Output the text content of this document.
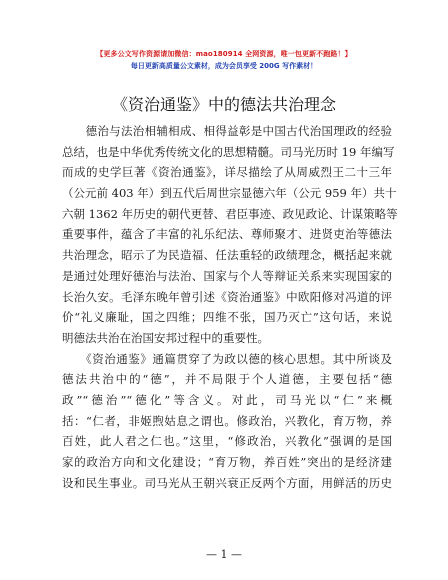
【更多公文写作资源请加微信：mao180914 全网资源，唯一包更新不跑路！】
每日更新高质量公文素材，成为会员享受 200G 写作素材！
《资治通鉴》中的德法共治理念
　　德治与法治相辅相成、相得益彰是中国古代治国理政的经验
总结，也是中华优秀传统文化的思想精髓。司马光历时 19 年编写
而成的史学巨著《资治通鉴》，详尽描绘了从周威烈王二十三年
（公元前 403 年）到五代后周世宗显德六年（公元 959 年）共十
六朝 1362 年历史的朝代更替、君臣事迹、政见政论、计谋策略等
重要事件，蕴含了丰富的礼乐纪法、尊师聚才、进贤吏治等德法
共治理念，昭示了为民造福、任法重轻的政绩理念，概括起来就
是通过处理好德治与法治、国家与个人等辩证关系来实现国家的
长治久安。毛泽东晚年曾引述《资治通鉴》中欧阳修对冯道的评
价“礼义廉耻，国之四维；四维不张，国乃灭亡”这句话，来说
明德法共治在治国安邦过程中的重要性。
　　《资治通鉴》通篇贯穿了为政以德的核心思想。其中所谈及
德法共治中的“德”，并不局限于个人道德，主要包括“德
政”“德治”“德化”等含义。对此，司马光以“仁”来概
括：“仁者，非姬煦姑息之谓也。修政治，兴教化，育万物，养
百姓，此人君之仁也。”这里，“修政治，兴教化”强调的是国
家的政治方向和文化建设；“育万物，养百姓”突出的是经济建
设和民生事业。司马光从王朝兴衰正反两个方面，用鲜活的历史
— 1 —
